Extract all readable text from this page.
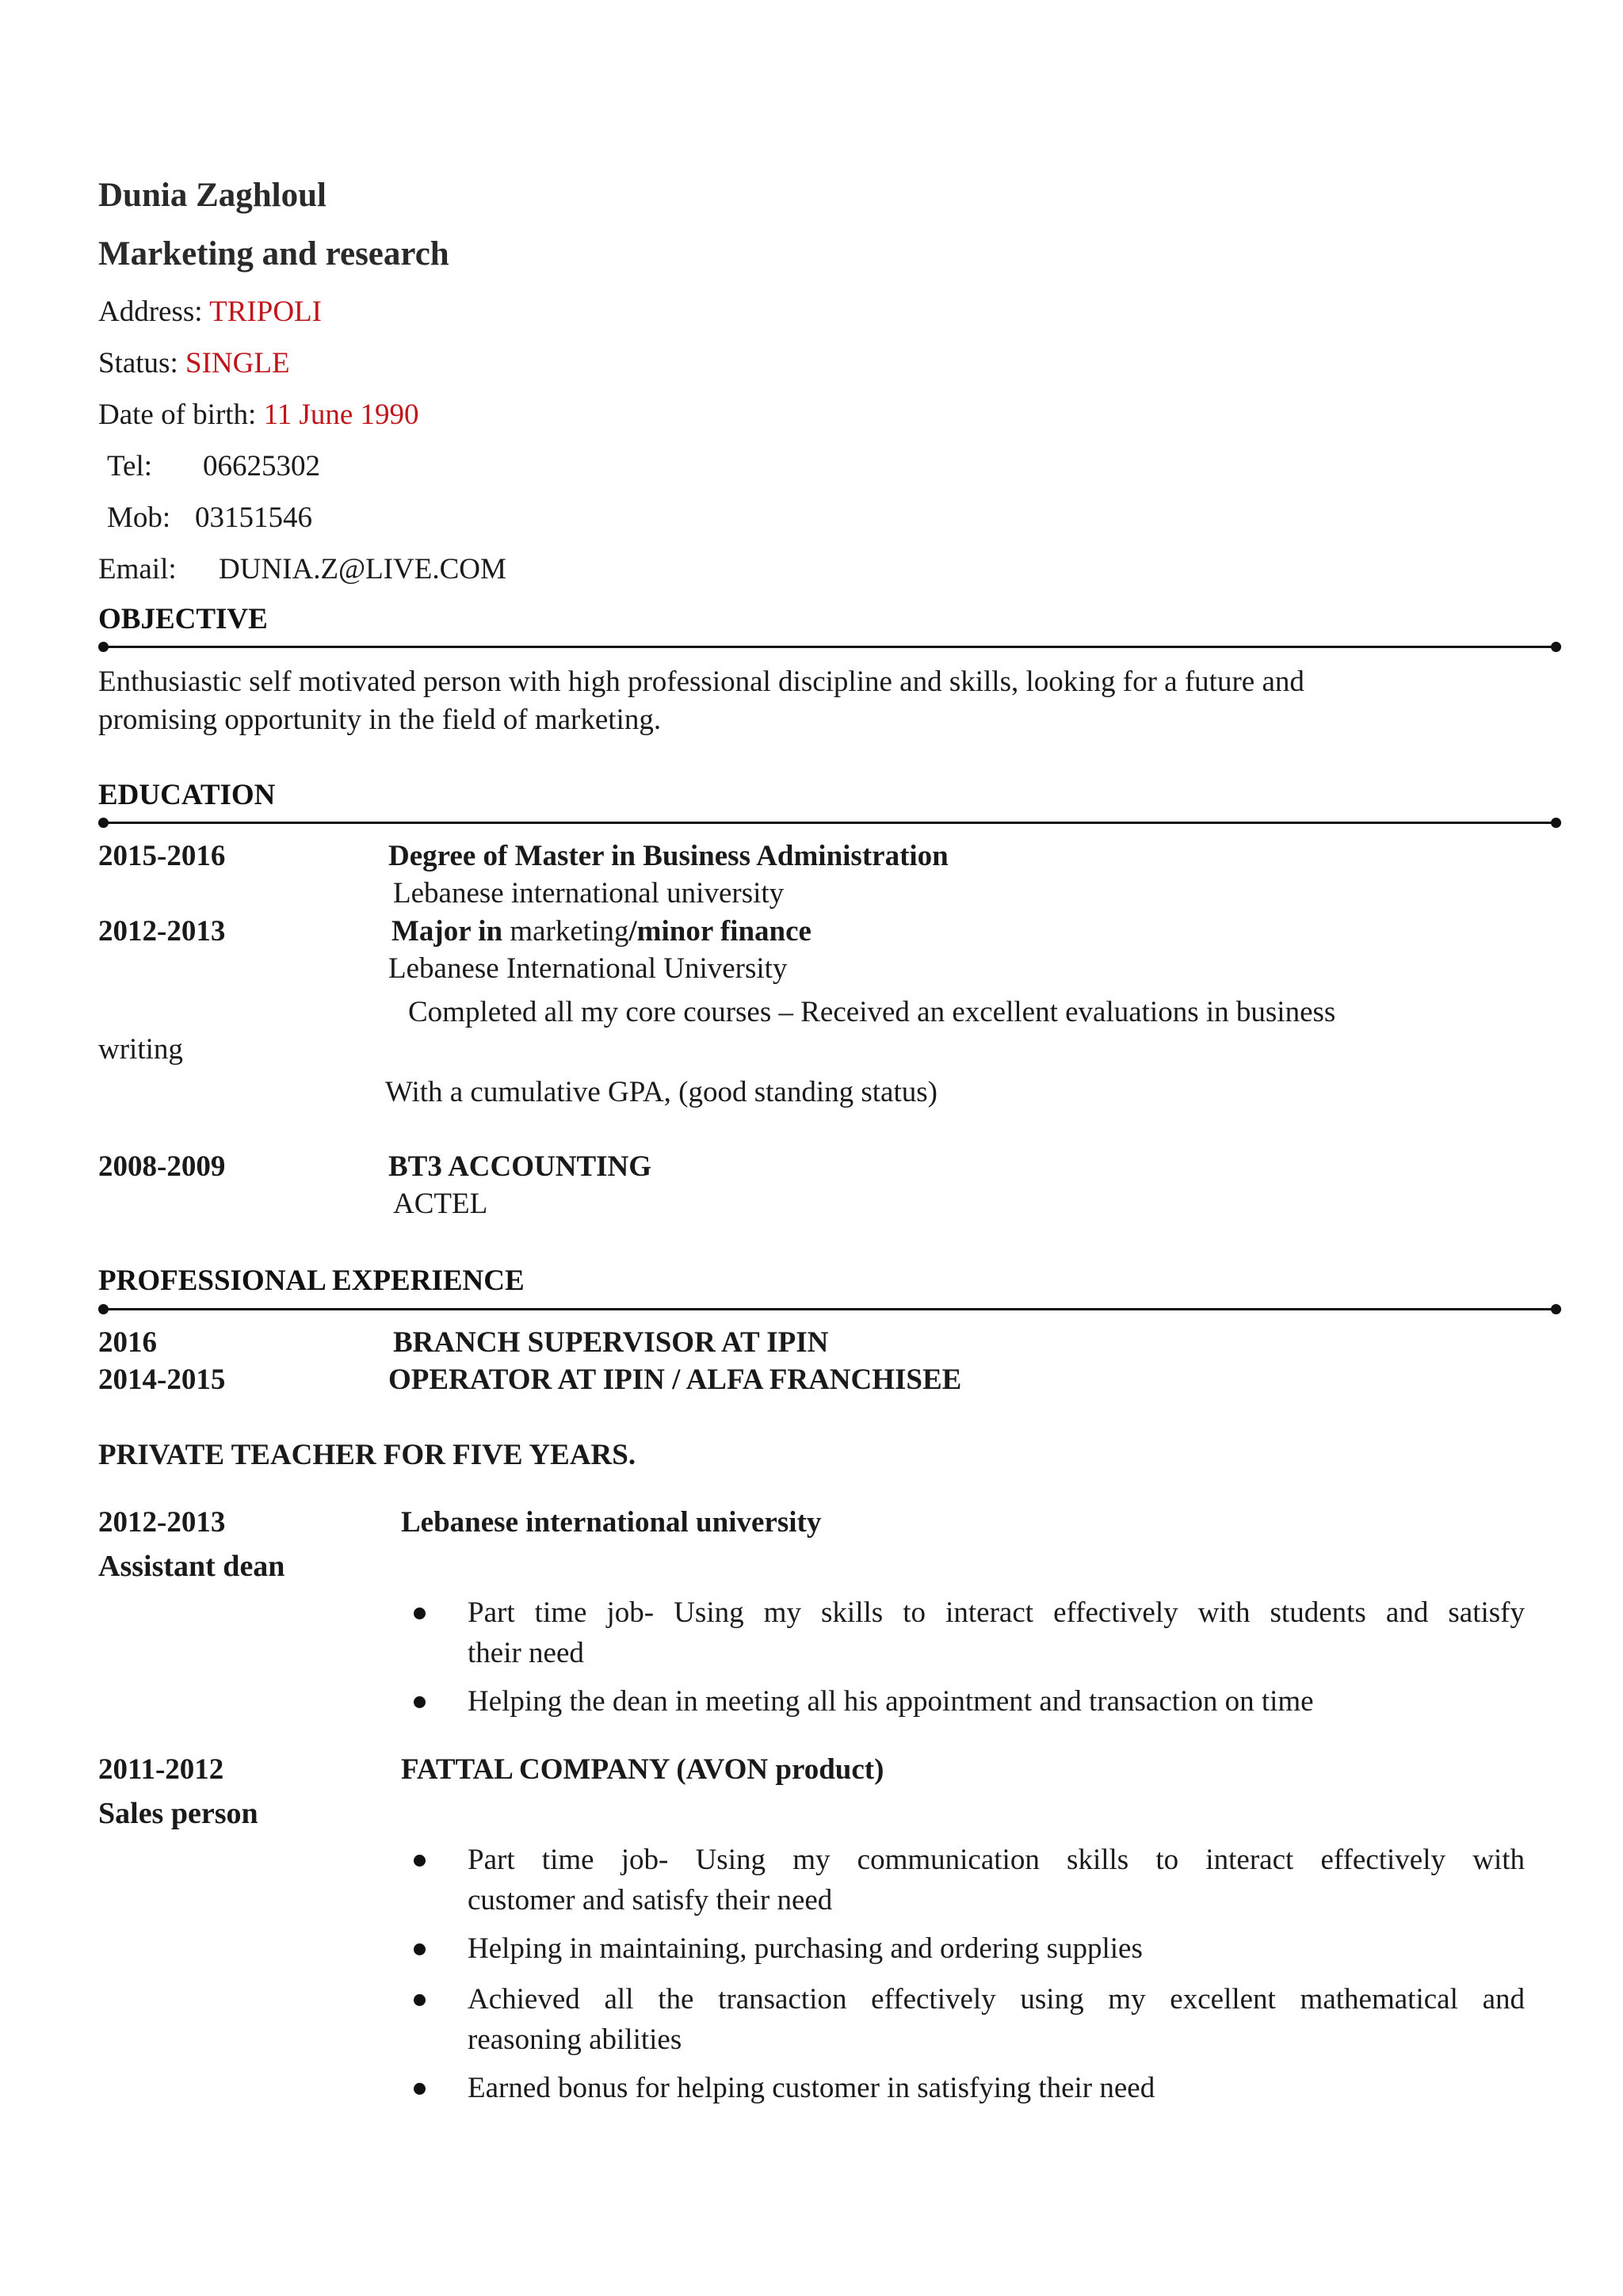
Dunia Zaghloul
Marketing and research
Address: TRIPOLI
Status: SINGLE
Date of birth: 11 June 1990
Tel: 06625302
Mob: 03151546
Email: DUNIA.Z@LIVE.COM
OBJECTIVE
Enthusiastic self motivated person with high professional discipline and skills, looking for a future and
promising opportunity in the field of marketing.
EDUCATION
2015-2016	Degree of Master in Business Administration
Lebanese international university
2012-2013	Major in marketing/minor finance
Lebanese International University
Completed all my core courses – Received an excellent evaluations in business
writing
With a cumulative GPA, (good standing status)
2008-2009	BT3 ACCOUNTING
ACTEL
PROFESSIONAL EXPERIENCE
2016	BRANCH SUPERVISOR AT IPIN
2014-2015	OPERATOR AT IPIN / ALFA FRANCHISEE
PRIVATE TEACHER FOR FIVE YEARS.
2012-2013	Lebanese international university
Assistant dean
Part time job- Using my skills to interact effectively with students and satisfy
their need
Helping the dean in meeting all his appointment and transaction on time
2011-2012	FATTAL COMPANY (AVON product)
Sales person
Part time job- Using my communication skills to interact effectively with
customer and satisfy their need
Helping in maintaining, purchasing and ordering supplies
Achieved all the transaction effectively using my excellent mathematical and
reasoning abilities
Earned bonus for helping customer in satisfying their need
